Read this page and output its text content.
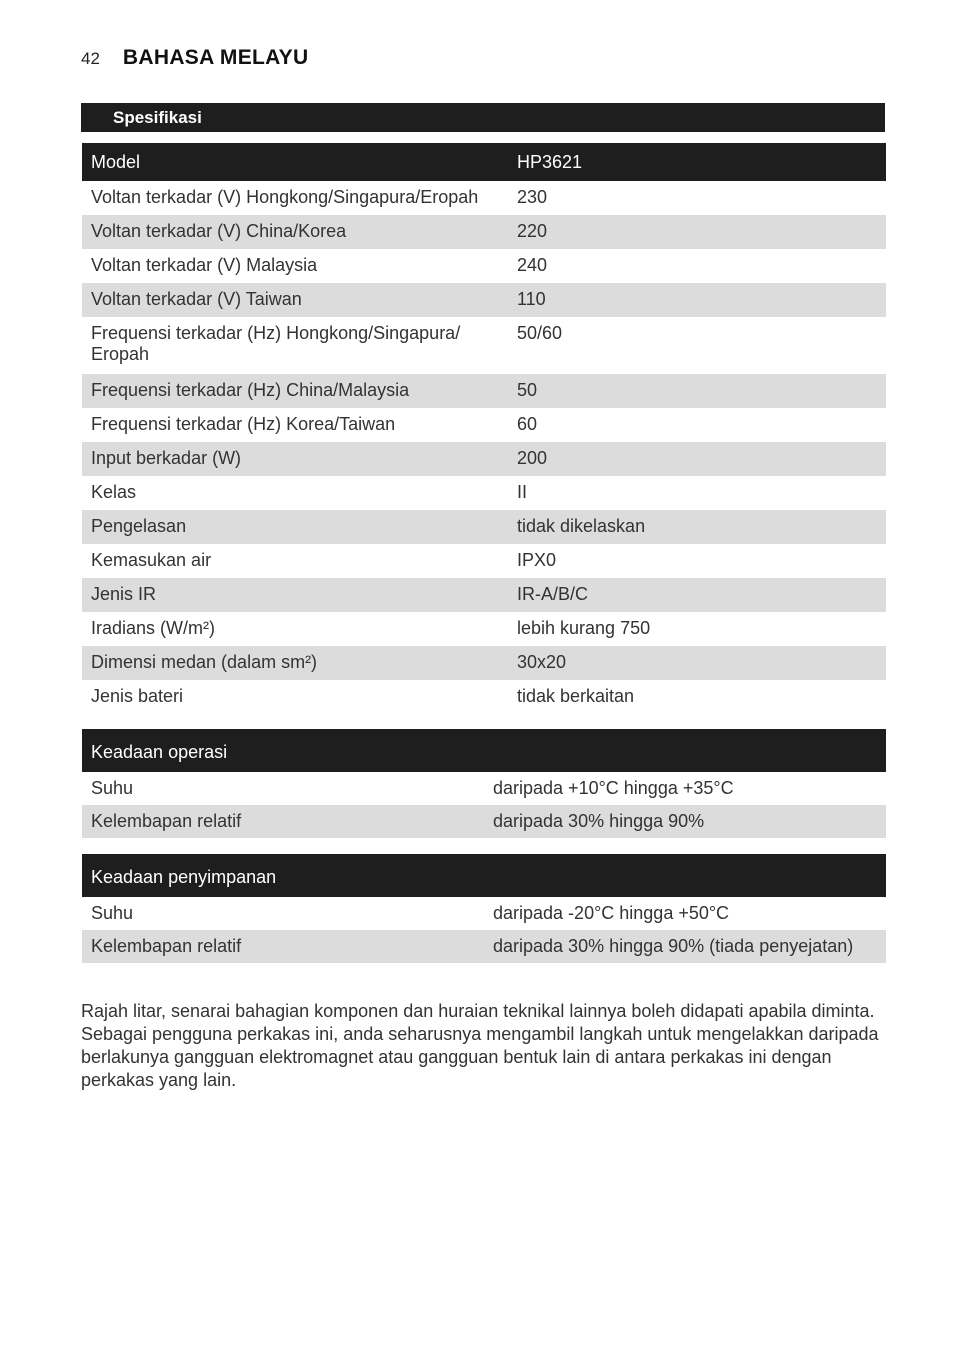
42 BAHASA MELAYU
Spesifikasi
Model	HP3621
Voltan terkadar (V) Hongkong/Singapura/Eropah	230
Voltan terkadar (V) China/Korea	220
Voltan terkadar (V) Malaysia	240
Voltan terkadar (V) Taiwan	110
Frequensi terkadar (Hz) Hongkong/Singapura/ Eropah	50/60
Frequensi terkadar (Hz) China/Malaysia	50
Frequensi terkadar (Hz) Korea/Taiwan	60
Input berkadar (W)	200
Kelas	II
Pengelasan	tidak dikelaskan
Kemasukan air	IPX0
Jenis IR	IR-A/B/C
Iradians (W/m²)	lebih kurang 750
Dimensi medan (dalam sm²)	30x20
Jenis bateri	tidak berkaitan
Keadaan operasi	
Suhu	daripada +10°C hingga +35°C
Kelembapan relatif	daripada 30% hingga 90%
Keadaan penyimpanan	
Suhu	daripada -20°C hingga +50°C
Kelembapan relatif	daripada 30% hingga 90% (tiada penyejatan)

Rajah litar, senarai bahagian komponen dan huraian teknikal lainnya boleh didapati apabila diminta. Sebagai pengguna perkakas ini, anda seharusnya mengambil langkah untuk mengelakkan daripada berlakunya gangguan elektromagnet atau gangguan bentuk lain di antara perkakas ini dengan perkakas yang lain.
